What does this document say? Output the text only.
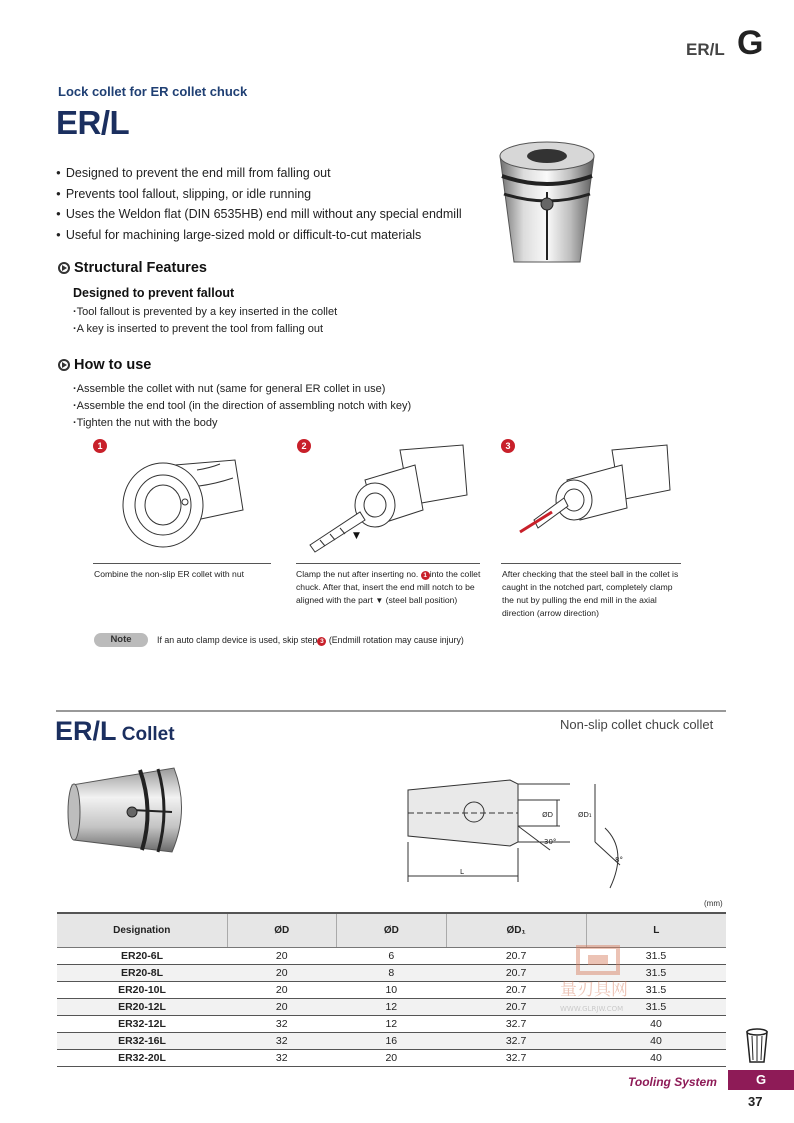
ER/L G
Lock collet for ER collet chuck
ER/L
● Designed to prevent the end mill from falling out
● Prevents tool fallout, slipping, or idle running
● Uses the Weldon flat (DIN 6535HB) end mill without any special endmill
● Useful for machining large-sized mold or difficult-to-cut materials
Structural Features
Designed to prevent fallout
· Tool fallout is prevented by a key inserted in the collet
· A key is inserted to prevent the tool from falling out
How to use
· Assemble the collet with nut (same for general ER collet in use)
· Assemble the end tool (in the direction of assembling notch with key)
· Tighten the nut with the body
1
Combine the non-slip ER collet with nut
2
▼
Clamp the nut after inserting no. 1 into the collet chuck. After that, insert the end mill notch to be aligned with the part ▼ (steel ball position)
3
After checking that the steel ball in the collet is caught in the notched part, completely clamp the nut by pulling the end mill in the axial direction (arrow direction)
Note	If an auto clamp device is used, skip step 3 (Endmill rotation may cause injury)
ER/L Collet	Non-slip collet chuck collet
ØD	ØD₁
30°
8°
L
(mm)
Designation	ØD	ØD	ØD₁	L
ER20-6L	20	6	20.7	31.5
ER20-8L	20	8	20.7	31.5
ER20-10L	20	10	20.7	31.5
ER20-12L	20	12	20.7	31.5
ER32-12L	32	12	32.7	40
ER32-16L	32	16	32.7	40
ER32-20L	32	20	32.7	40
量刃具网
WWW.GLRJW.COM
Tooling System	G
37
